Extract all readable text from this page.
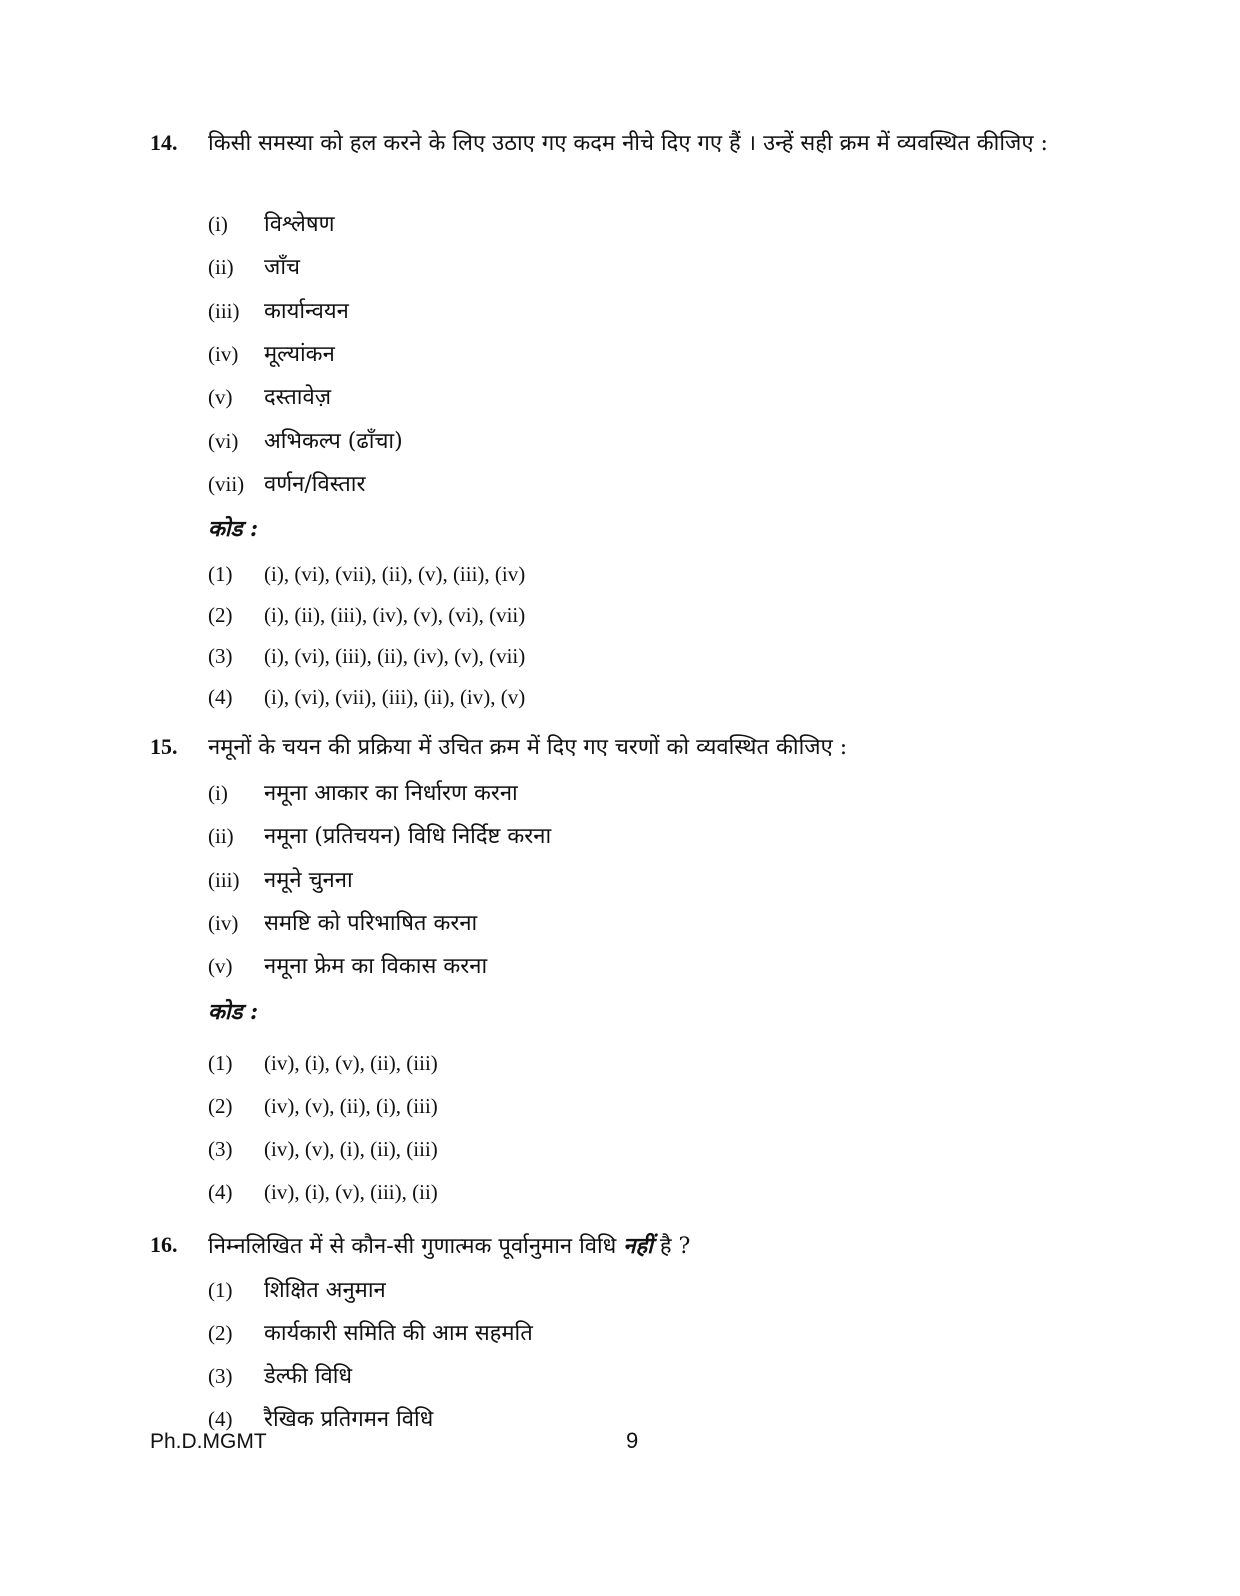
14. किसी समस्या को हल करने के लिए उठाए गए कदम नीचे दिए गए हैं । उन्हें सही क्रम में व्यवस्थित कीजिए :
(i) विश्लेषण
(ii) जाँच
(iii) कार्यान्वयन
(iv) मूल्यांकन
(v) दस्तावेज़
(vi) अभिकल्प (ढाँचा)
(vii) वर्णन/विस्तार
कोड :
(1) (i), (vi), (vii), (ii), (v), (iii), (iv)
(2) (i), (ii), (iii), (iv), (v), (vi), (vii)
(3) (i), (vi), (iii), (ii), (iv), (v), (vii)
(4) (i), (vi), (vii), (iii), (ii), (iv), (v)
15. नमूनों के चयन की प्रक्रिया में उचित क्रम में दिए गए चरणों को व्यवस्थित कीजिए :
(i) नमूना आकार का निर्धारण करना
(ii) नमूना (प्रतिचयन) विधि निर्दिष्ट करना
(iii) नमूने चुनना
(iv) समष्टि को परिभाषित करना
(v) नमूना फ्रेम का विकास करना
कोड :
(1) (iv), (i), (v), (ii), (iii)
(2) (iv), (v), (ii), (i), (iii)
(3) (iv), (v), (i), (ii), (iii)
(4) (iv), (i), (v), (iii), (ii)
16. निम्नलिखित में से कौन-सी गुणात्मक पूर्वानुमान विधि नहीं है ?
(1) शिक्षित अनुमान
(2) कार्यकारी समिति की आम सहमति
(3) डेल्फी विधि
(4) रैखिक प्रतिगमन विधि
Ph.D.MGMT	9
